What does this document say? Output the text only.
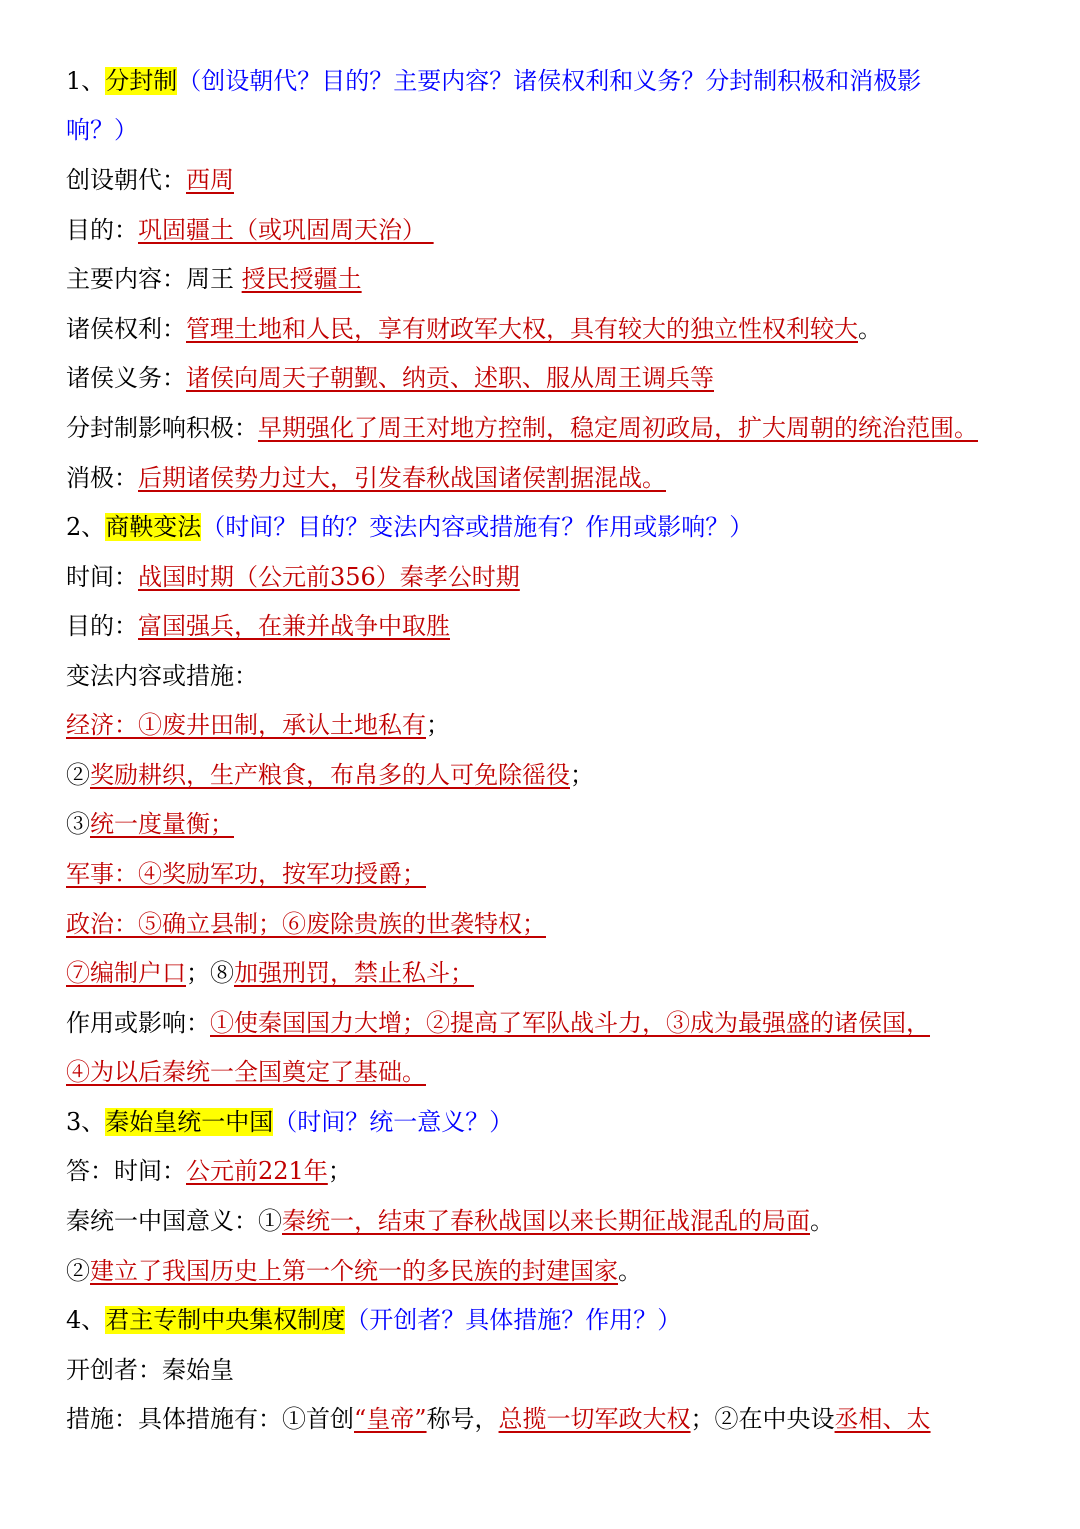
1、分封制（创设朝代？目的？主要内容？诸侯权利和义务？分封制积极和消极影
响？）
创设朝代：西周
目的：巩固疆土（或巩固周天治）
主要内容：周王 授民授疆土
诸侯权利：管理土地和人民，享有财政军大权，具有较大的独立性权利较大。
诸侯义务：诸侯向周天子朝觐、纳贡、述职、服从周王调兵等
分封制影响积极：早期强化了周王对地方控制，稳定周初政局，扩大周朝的统治范围。
消极：后期诸侯势力过大，引发春秋战国诸侯割据混战。
2、商鞅变法（时间？目的？变法内容或措施有？作用或影响？）
时间：战国时期（公元前356）秦孝公时期
目的：富国强兵，在兼并战争中取胜
变法内容或措施：
经济：①废井田制，承认土地私有；
②奖励耕织，生产粮食，布帛多的人可免除徭役；
③统一度量衡；
军事：④奖励军功，按军功授爵；
政治：⑤确立县制；⑥废除贵族的世袭特权；
⑦编制户口；⑧加强刑罚，禁止私斗；
作用或影响：①使秦国国力大增；②提高了军队战斗力，③成为最强盛的诸侯国，
④为以后秦统一全国奠定了基础。
3、秦始皇统一中国（时间？统一意义？）
答：时间：公元前221年；
秦统一中国意义：①秦统一，结束了春秋战国以来长期征战混乱的局面。
②建立了我国历史上第一个统一的多民族的封建国家。
4、君主专制中央集权制度（开创者？具体措施？作用？）
开创者：秦始皇
措施：具体措施有：①首创“皇帝”称号，总揽一切军政大权；②在中央设丞相、太
